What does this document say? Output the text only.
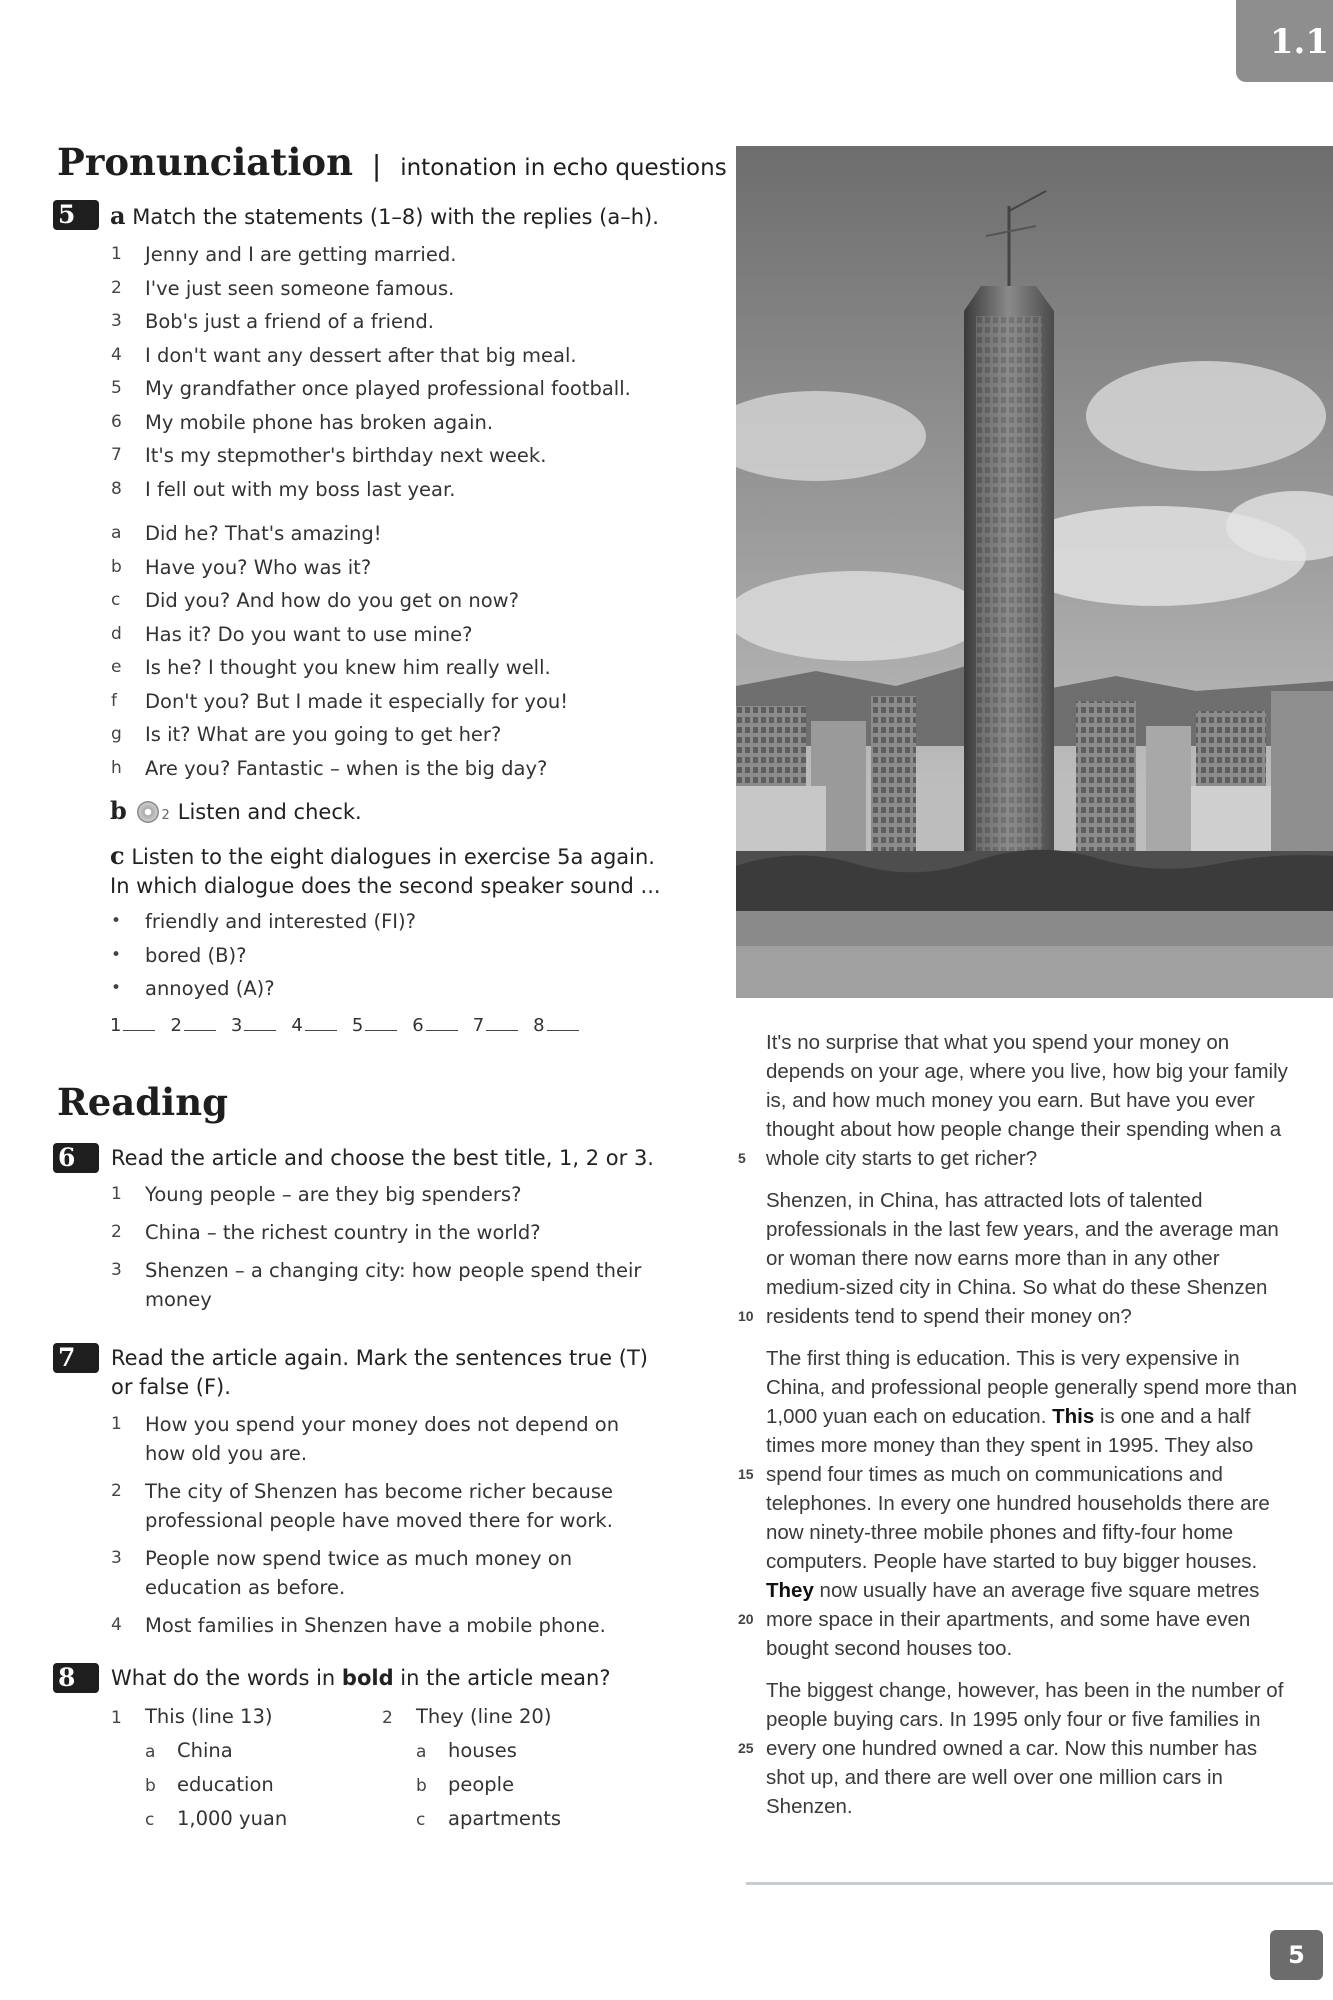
1.1
Pronunciation | intonation in echo questions
5	a Match the statements (1–8) with the replies (a–h).
1	Jenny and I are getting married.
2	I've just seen someone famous.
3	Bob's just a friend of a friend.
4	I don't want any dessert after that big meal.
5	My grandfather once played professional football.
6	My mobile phone has broken again.
7	It's my stepmother's birthday next week.
8	I fell out with my boss last year.
a	Did he? That's amazing!
b	Have you? Who was it?
c	Did you? And how do you get on now?
d	Has it? Do you want to use mine?
e	Is he? I thought you knew him really well.
f	Don't you? But I made it especially for you!
g	Is it? What are you going to get her?
h	Are you? Fantastic – when is the big day?
b	2 Listen and check.
c Listen to the eight dialogues in exercise 5a again. In which dialogue does the second speaker sound ...
•	friendly and interested (FI)?
•	bored (B)?
•	annoyed (A)?
1	2	3	4	5	6	7	8
Reading
6	Read the article and choose the best title, 1, 2 or 3.
1	Young people – are they big spenders?
2	China – the richest country in the world?
3	Shenzen – a changing city: how people spend their money
7	Read the article again. Mark the sentences true (T) or false (F).
1	How you spend your money does not depend on how old you are.
2	The city of Shenzen has become richer because professional people have moved there for work.
3	People now spend twice as much money on education as before.
4	Most families in Shenzen have a mobile phone.
8	What do the words in bold in the article mean?
1 This (line 13)
a China
b education
c 1,000 yuan
2 They (line 20)
a houses
b people
c apartments

It's no surprise that what you spend your money on depends on your age, where you live, how big your family is, and how much money you earn. But have you ever thought about how people change their spending when a whole city starts to get richer?
5

Shenzen, in China, has attracted lots of talented professionals in the last few years, and the average man or woman there now earns more than in any other medium-sized city in China. So what do these Shenzen residents tend to spend their money on?
10

The first thing is education. This is very expensive in China, and professional people generally spend more than 1,000 yuan each on education. This is one and a half times more money than they spent in 1995. They also spend four times as much on communications and telephones. In every one hundred households there are now ninety-three mobile phones and fifty-four home computers. People have started to buy bigger houses. They now usually have an average five square metres more space in their apartments, and some have even bought second houses too.
15
20

The biggest change, however, has been in the number of people buying cars. In 1995 only four or five families in every one hundred owned a car. Now this number has shot up, and there are well over one million cars in Shenzen.
25

5
